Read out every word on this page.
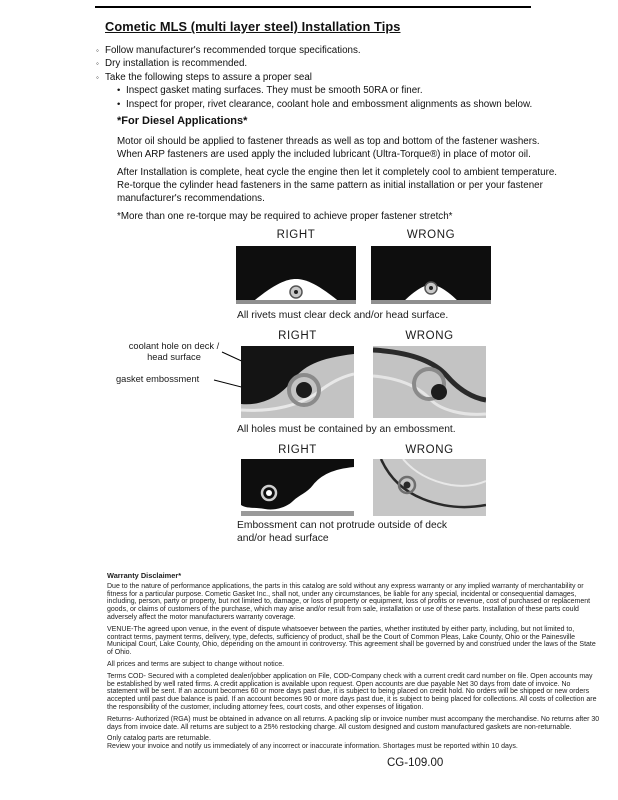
Cometic MLS (multi layer steel) Installation Tips
◦ Follow manufacturer's recommended torque specifications.
◦ Dry installation is recommended.
◦ Take the following steps to assure a proper seal
• Inspect gasket mating surfaces. They must be smooth 50RA or finer.
• Inspect for proper, rivet clearance, coolant hole and embossment alignments as shown below.
*For Diesel Applications*

Motor oil should be applied to fastener threads as well as top and bottom of the fastener washers. When ARP fasteners are used apply the included lubricant (Ultra-Torque®) in place of motor oil.

After Installation is complete, heat cycle the engine then let it completely cool to ambient temperature. Re-torque the cylinder head fasteners in the same pattern as initial installation or per your fastener manufacturer's recommendations.

*More than one re-torque may be required to achieve proper fastener stretch*
RIGHT	WRONG
All rivets must clear deck and/or head surface.
RIGHT	WRONG
coolant hole on deck / head surface
gasket embossment
All holes must be contained by an embossment.
RIGHT	WRONG
Embossment can not protrude outside of deck and/or head surface
Warranty Disclaimer*

Due to the nature of performance applications, the parts in this catalog are sold without any express warranty or any implied warranty of merchantability or fitness for a particular purpose. Cometic Gasket Inc., shall not, under any circumstances, be liable for any special, incidental or consequential damages, including, person, party or property, but not limited to, damage, or loss of property or equipment, loss of profits or revenue, cost of purchased or replacement goods, or claims of customers of the purchase, which may arise and/or result from sale, installation or use of these parts. Installation of these parts could adversely affect the motor manufacturers warranty coverage.

VENUE-The agreed upon venue, in the event of dispute whatsoever between the parties, whether instituted by either party, including, but not limited to, contract terms, payment terms, delivery, type, defects, sufficiency of product, shall be the Court of Common Pleas, Lake County, Ohio or the Painesville Municipal Court, Lake County, Ohio, depending on the amount in controversy. This agreement shall be governed by and construed under the laws of the State of Ohio.

All prices and terms are subject to change without notice.

Terms COD- Secured with a completed dealer/jobber application on File, COD-Company check with a current credit card number on file. Open accounts may be established by well rated firms. A credit application is available upon request. Open accounts are due payable Net 30 days from date of invoice. No statement will be sent. If an account becomes 60 or more days past due, it is subject to being placed on credit hold. No orders will be shipped or new orders accepted until past due balance is paid. If an account becomes 90 or more days past due, it is subject to being placed for collections. All costs of collection are the responsibility of the customer, including attorney fees, court costs, and other expenses of litigation.

Returns- Authorized (RGA) must be obtained in advance on all returns. A packing slip or invoice number must accompany the merchandise. No returns after 30 days from invoice date. All returns are subject to a 25% restocking charge. All custom designed and custom manufactured gaskets are non-returnable.

Only catalog parts are returnable.

Review your invoice and notify us immediately of any incorrect or inaccurate information. Shortages must be reported within 10 days.

CG-109.00
